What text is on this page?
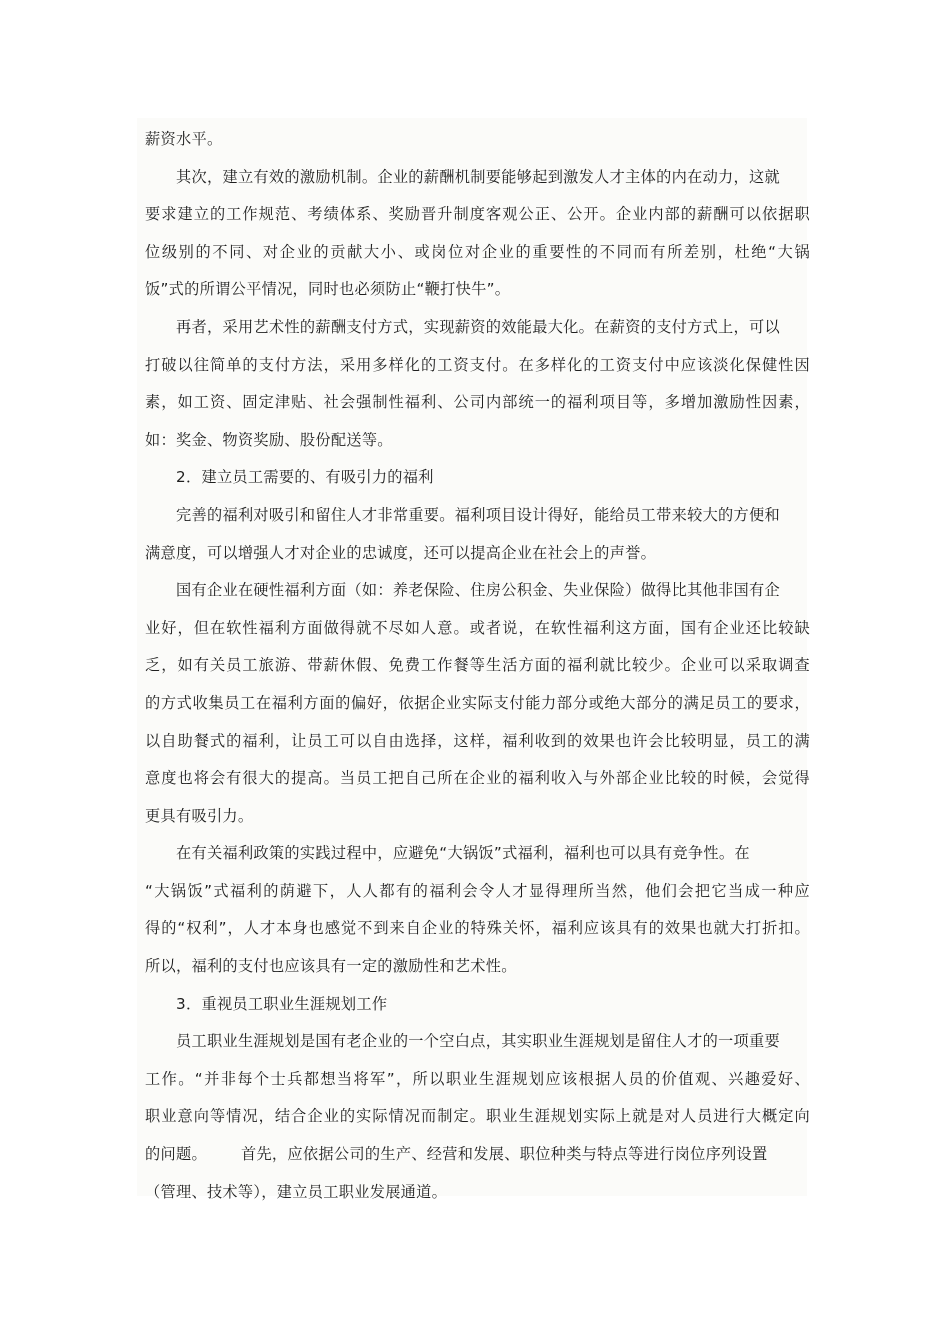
薪资水平。
其次，建立有效的激励机制。企业的薪酬机制要能够起到激发人才主体的内在动力，这就
要求建立的工作规范、考绩体系、奖励晋升制度客观公正、公开。企业内部的薪酬可以依据职
位级别的不同、对企业的贡献大小、或岗位对企业的重要性的不同而有所差别，杜绝“大锅
饭”式的所谓公平情况，同时也必须防止“鞭打快牛”。
再者，采用艺术性的薪酬支付方式，实现薪资的效能最大化。在薪资的支付方式上，可以
打破以往简单的支付方法，采用多样化的工资支付。在多样化的工资支付中应该淡化保健性因
素，如工资、固定津贴、社会强制性福利、公司内部统一的福利项目等，多增加激励性因素，
如：奖金、物资奖励、股份配送等。
2．建立员工需要的、有吸引力的福利
完善的福利对吸引和留住人才非常重要。福利项目设计得好，能给员工带来较大的方便和
满意度，可以增强人才对企业的忠诚度，还可以提高企业在社会上的声誉。
国有企业在硬性福利方面（如：养老保险、住房公积金、失业保险）做得比其他非国有企
业好，但在软性福利方面做得就不尽如人意。或者说，在软性福利这方面，国有企业还比较缺
乏，如有关员工旅游、带薪休假、免费工作餐等生活方面的福利就比较少。企业可以采取调查
的方式收集员工在福利方面的偏好，依据企业实际支付能力部分或绝大部分的满足员工的要求，
以自助餐式的福利，让员工可以自由选择，这样，福利收到的效果也许会比较明显，员工的满
意度也将会有很大的提高。当员工把自己所在企业的福利收入与外部企业比较的时候，会觉得
更具有吸引力。
在有关福利政策的实践过程中，应避免“大锅饭”式福利，福利也可以具有竞争性。在
“大锅饭”式福利的荫避下，人人都有的福利会令人才显得理所当然，他们会把它当成一种应
得的“权利”，人才本身也感觉不到来自企业的特殊关怀，福利应该具有的效果也就大打折扣。
所以，福利的支付也应该具有一定的激励性和艺术性。
3．重视员工职业生涯规划工作
员工职业生涯规划是国有老企业的一个空白点，其实职业生涯规划是留住人才的一项重要
工作。“并非每个士兵都想当将军”，所以职业生涯规划应该根据人员的价值观、兴趣爱好、
职业意向等情况，结合企业的实际情况而制定。职业生涯规划实际上就是对人员进行大概定向
的问题。 首先，应依据公司的生产、经营和发展、职位种类与特点等进行岗位序列设置
（管理、技术等），建立员工职业发展通道。
